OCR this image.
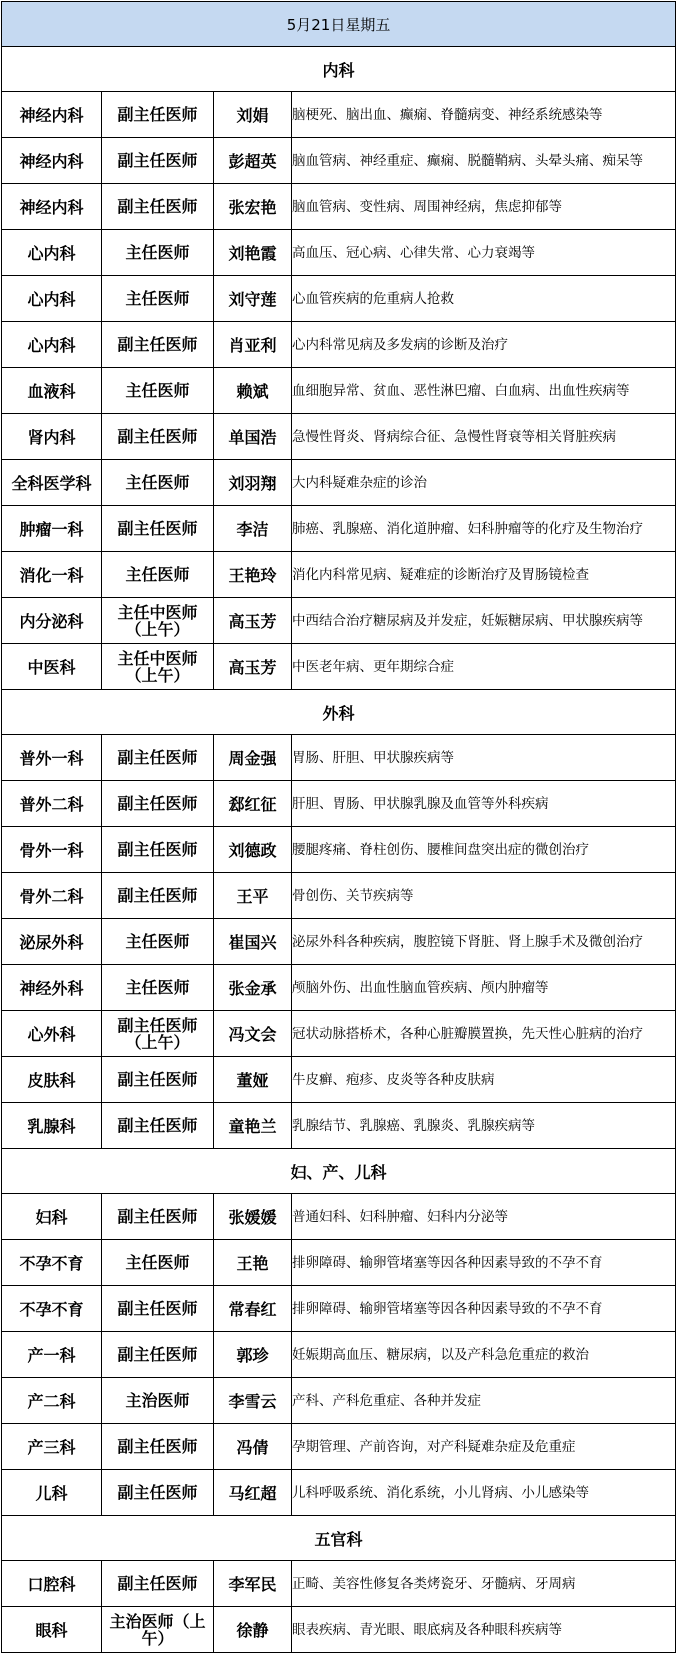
5月21日星期五			
内科			
神经内科	副主任医师	刘娟	脑梗死、脑出血、癫痫、脊髓病变、神经系统感染等
神经内科	副主任医师	彭超英	脑血管病、神经重症、癫痫、脱髓鞘病、头晕头痛、痴呆等
神经内科	副主任医师	张宏艳	脑血管病、变性病、周围神经病，焦虑抑郁等
心内科	主任医师	刘艳霞	高血压、冠心病、心律失常、心力衰竭等
心内科	主任医师	刘守莲	心血管疾病的危重病人抢救
心内科	副主任医师	肖亚利	心内科常见病及多发病的诊断及治疗
血液科	主任医师	赖斌	血细胞异常、贫血、恶性淋巴瘤、白血病、出血性疾病等
肾内科	副主任医师	单国浩	急慢性肾炎、肾病综合征、急慢性肾衰等相关肾脏疾病
全科医学科	主任医师	刘羽翔	大内科疑难杂症的诊治
肿瘤一科	副主任医师	李洁	肺癌、乳腺癌、消化道肿瘤、妇科肿瘤等的化疗及生物治疗
消化一科	主任医师	王艳玲	消化内科常见病、疑难症的诊断治疗及胃肠镜检查
内分泌科	主任中医师（上午）	高玉芳	中西结合治疗糖尿病及并发症，妊娠糖尿病、甲状腺疾病等
中医科	主任中医师（上午）	高玉芳	中医老年病、更年期综合症
外科			
普外一科	副主任医师	周金强	胃肠、肝胆、甲状腺疾病等
普外二科	副主任医师	郄红征	肝胆、胃肠、甲状腺乳腺及血管等外科疾病
骨外一科	副主任医师	刘德政	腰腿疼痛、脊柱创伤、腰椎间盘突出症的微创治疗
骨外二科	副主任医师	王平	骨创伤、关节疾病等
泌尿外科	主任医师	崔国兴	泌尿外科各种疾病，腹腔镜下肾脏、肾上腺手术及微创治疗
神经外科	主任医师	张金承	颅脑外伤、出血性脑血管疾病、颅内肿瘤等
心外科	副主任医师（上午）	冯文会	冠状动脉搭桥术，各种心脏瓣膜置换，先天性心脏病的治疗
皮肤科	副主任医师	董娅	牛皮癣、疱疹、皮炎等各种皮肤病
乳腺科	副主任医师	童艳兰	乳腺结节、乳腺癌、乳腺炎、乳腺疾病等
妇、产、儿科			
妇科	副主任医师	张媛媛	普通妇科、妇科肿瘤、妇科内分泌等
不孕不育	主任医师	王艳	排卵障碍、输卵管堵塞等因各种因素导致的不孕不育
不孕不育	副主任医师	常春红	排卵障碍、输卵管堵塞等因各种因素导致的不孕不育
产一科	副主任医师	郭珍	妊娠期高血压、糖尿病，以及产科急危重症的救治
产二科	主治医师	李雪云	产科、产科危重症、各种并发症
产三科	副主任医师	冯倩	孕期管理、产前咨询，对产科疑难杂症及危重症
儿科	副主任医师	马红超	儿科呼吸系统、消化系统，小儿肾病、小儿感染等
五官科			
口腔科	副主任医师	李军民	正畸、美容性修复各类烤瓷牙、牙髓病、牙周病
眼科	主治医师（上午）	徐静	眼表疾病、青光眼、眼底病及各种眼科疾病等
